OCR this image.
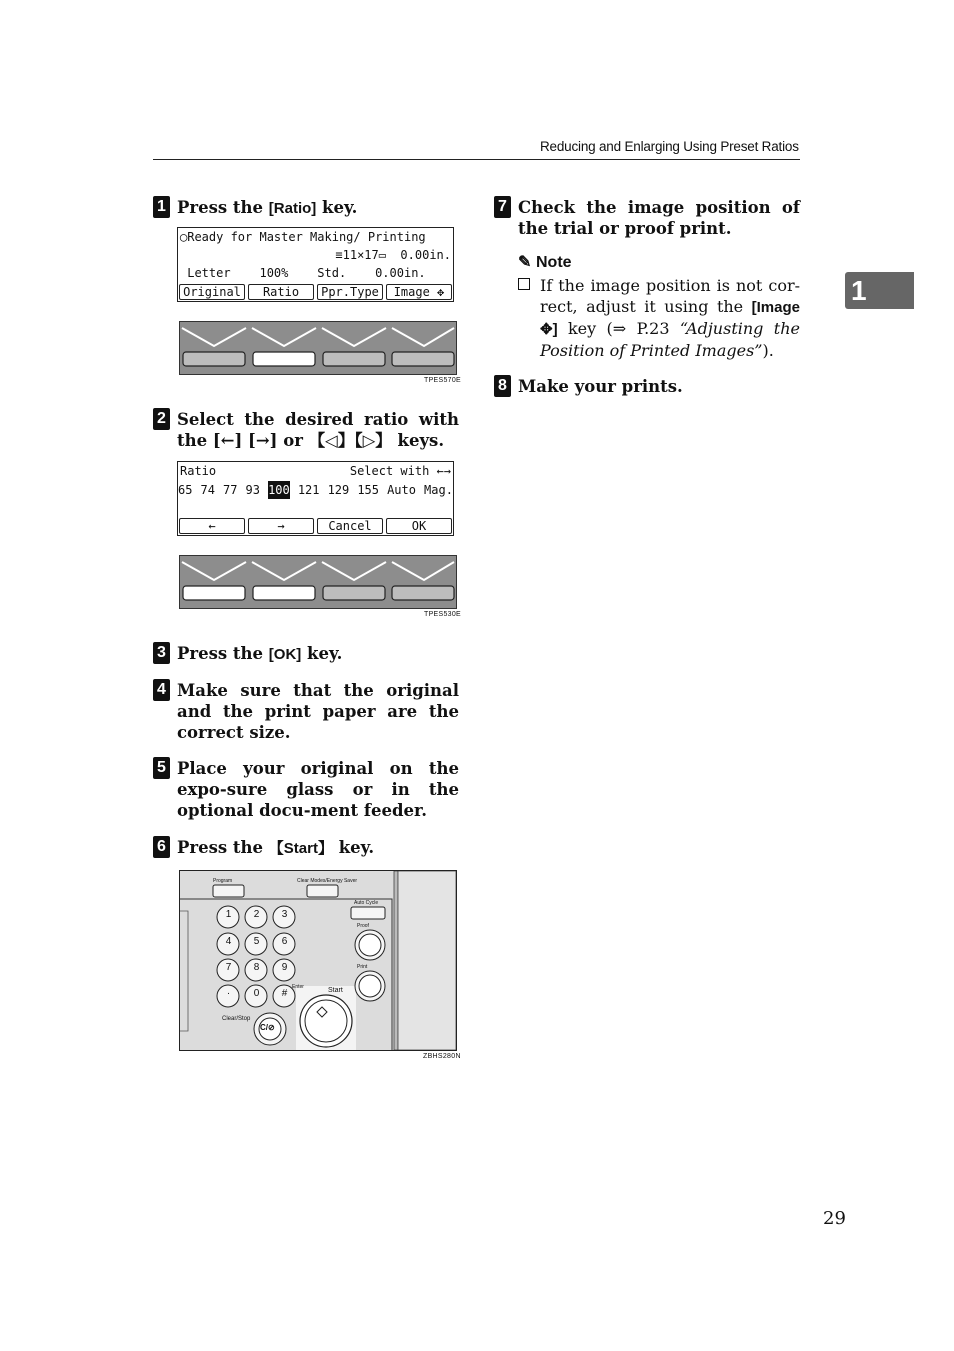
Reducing and Enlarging Using Preset Ratios
1
1 Press the [Ratio] key.
◯Ready for Master Making/ Printing
≡11×17▭  0.00in.
Letter    100%    Std.    0.00in.
Original	Ratio	Ppr.Type	Image ✥
TPES570E
2 Select the desired ratio with the [←] [→] or 【◁】【▷】 keys.
Ratio	Select with ←→
65 74 77 93 100 121 129 155 Auto Mag.
←	→	Cancel	OK
TPES530E
3 Press the [OK] key.
4 Make sure that the original and the print paper are the correct size.
5 Place your original on the expo-sure glass or in the optional docu-ment feeder.
6 Press the 【Start】 key.
Program	Clear Modes/Energy Saver
Auto Cycle
Proof
Print
Enter	Start
Clear/Stop
C/⊘
1	2	3
4	5	6
7	8	9
·	0	#
ZBHS280N
7 Check the image position of the trial or proof print.
✎ Note
If the image position is not cor-rect, adjust it using the [Image ✥] key (⇒ P.23 “Adjusting the Position of Printed Images”).
8 Make your prints.
29
